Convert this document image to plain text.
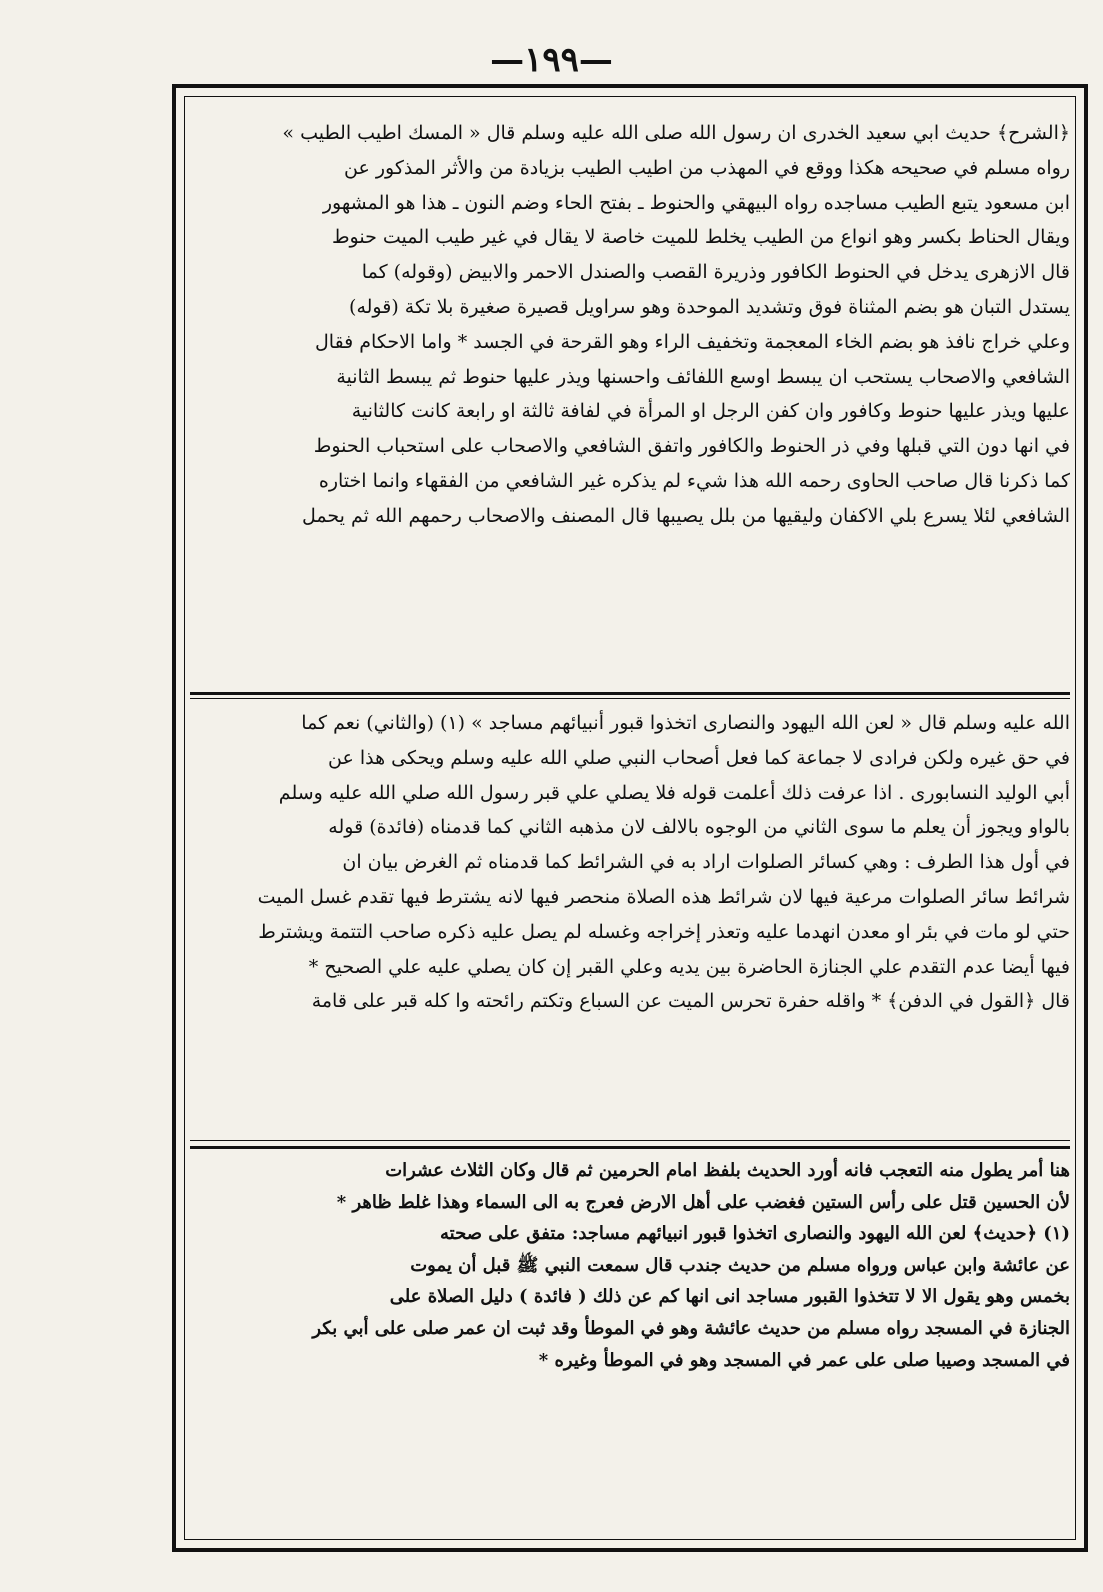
—١٩٩—
﴿الشرح﴾ حديث ابي سعيد الخدرى ان رسول الله صلى الله عليه وسلم قال « المسك اطيب الطيب »
رواه مسلم في صحيحه هكذا ووقع في المهذب من اطيب الطيب بزيادة من والأثر المذكور عن
ابن مسعود يتبع الطيب مساجده رواه البيهقي والحنوط ـ بفتح الحاء وضم النون ـ هذا هو المشهور
ويقال الحناط بكسر وهو انواع من الطيب يخلط للميت خاصة لا يقال في غير طيب الميت حنوط
قال الازهرى يدخل في الحنوط الكافور وذريرة القصب والصندل الاحمر والابيض (وقوله) كما
يستدل التبان هو بضم المثناة فوق وتشديد الموحدة وهو سراويل قصيرة صغيرة بلا تكة (قوله)
وعلي خراج نافذ هو بضم الخاء المعجمة وتخفيف الراء وهو القرحة في الجسد * واما الاحكام فقال
الشافعي والاصحاب يستحب ان يبسط اوسع اللفائف واحسنها ويذر عليها حنوط ثم يبسط الثانية
عليها ويذر عليها حنوط وكافور وان كفن الرجل او المرأة في لفافة ثالثة او رابعة كانت كالثانية
في انها دون التي قبلها وفي ذر الحنوط والكافور واتفق الشافعي والاصحاب على استحباب الحنوط
كما ذكرنا قال صاحب الحاوى رحمه الله هذا شيء لم يذكره غير الشافعي من الفقهاء وانما اختاره
الشافعي لئلا يسرع بلي الاكفان وليقيها من بلل يصيبها قال المصنف والاصحاب رحمهم الله ثم يحمل
الله عليه وسلم قال « لعن الله اليهود والنصارى اتخذوا قبور أنبيائهم مساجد » (١) (والثاني) نعم كما
في حق غيره ولكن فرادى لا جماعة كما فعل أصحاب النبي صلي الله عليه وسلم ويحكى هذا عن
أبي الوليد النسابورى . اذا عرفت ذلك أعلمت قوله فلا يصلي علي قبر رسول الله صلي الله عليه وسلم
بالواو ويجوز أن يعلم ما سوى الثاني من الوجوه بالالف لان مذهبه الثاني كما قدمناه (فائدة) قوله
في أول هذا الطرف : وهي كسائر الصلوات اراد به في الشرائط كما قدمناه ثم الغرض بيان ان
شرائط سائر الصلوات مرعية فيها لان شرائط هذه الصلاة منحصر فيها لانه يشترط فيها تقدم غسل الميت
حتي لو مات في بئر او معدن انهدما عليه وتعذر إخراجه وغسله لم يصل عليه ذكره صاحب التتمة ويشترط
فيها أيضا عدم التقدم علي الجنازة الحاضرة بين يديه وعلي القبر إن كان يصلي عليه علي الصحيح *
قال ﴿القول في الدفن﴾ * واقله حفرة تحرس الميت عن السباع وتكتم رائحته وا كله قبر على قامة
هنا أمر يطول منه التعجب فانه أورد الحديث بلفظ امام الحرمين ثم قال وكان الثلاث عشرات
لأن الحسين قتل على رأس الستين فغضب على أهل الارض فعرج به الى السماء وهذا غلط ظاهر *
(١) ﴿حديث﴾ لعن الله اليهود والنصارى اتخذوا قبور انبيائهم مساجد: متفق على صحته
عن عائشة وابن عباس ورواه مسلم من حديث جندب قال سمعت النبي ﷺ قبل أن يموت
بخمس وهو يقول الا لا تتخذوا القبور مساجد انى انها كم عن ذلك ( فائدة ) دليل الصلاة على
الجنازة في المسجد رواه مسلم من حديث عائشة وهو في الموطأ وقد ثبت ان عمر صلى على أبي بكر
في المسجد وصيبا صلى على عمر في المسجد وهو في الموطأ وغيره *
